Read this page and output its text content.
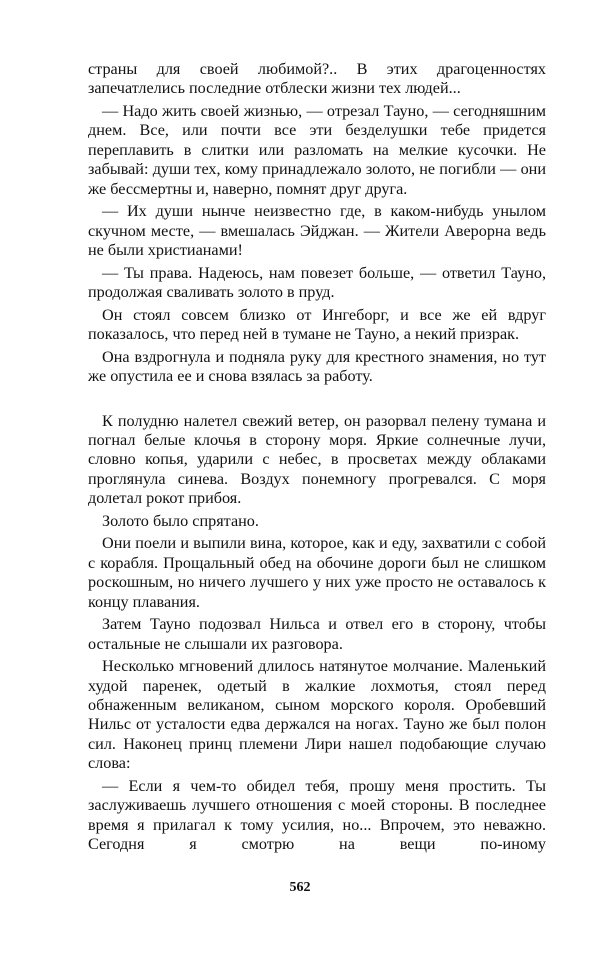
страны для своей любимой?.. В этих драгоценностях запечатлелись последние отблески жизни тех людей...

— Надо жить своей жизнью, — отрезал Тауно, — сегодняшним днем. Все, или почти все эти безделушки тебе придется переплавить в слитки или разломать на мелкие кусочки. Не забывай: души тех, кому принадлежало золото, не погибли — они же бессмертны и, наверно, помнят друг друга.

— Их души нынче неизвестно где, в каком-нибудь унылом скучном месте, — вмешалась Эйджан. — Жители Аверорна ведь не были христианами!

— Ты права. Надеюсь, нам повезет больше, — ответил Тауно, продолжая сваливать золото в пруд.

Он стоял совсем близко от Ингеборг, и все же ей вдруг показалось, что перед ней в тумане не Тауно, а некий призрак.

Она вздрогнула и подняла руку для крестного знамения, но тут же опустила ее и снова взялась за работу.

К полудню налетел свежий ветер, он разорвал пелену тумана и погнал белые клочья в сторону моря. Яркие солнечные лучи, словно копья, ударили с небес, в просветах между облаками проглянула синева. Воздух понемногу прогревался. С моря долетал рокот прибоя.

Золото было спрятано.

Они поели и выпили вина, которое, как и еду, захватили с собой с корабля. Прощальный обед на обочине дороги был не слишком роскошным, но ничего лучшего у них уже просто не оставалось к концу плавания.

Затем Тауно подозвал Нильса и отвел его в сторону, чтобы остальные не слышали их разговора.

Несколько мгновений длилось натянутое молчание. Маленький худой паренек, одетый в жалкие лохмотья, стоял перед обнаженным великаном, сыном морского короля. Оробевший Нильс от усталости едва держался на ногах. Тауно же был полон сил. Наконец принц племени Лири нашел подобающие случаю слова:

— Если я чем-то обидел тебя, прошу меня простить. Ты заслуживаешь лучшего отношения с моей стороны. В последнее время я прилагал к тому усилия, но... Впрочем, это неважно. Сегодня я смотрю на вещи по-иному

562
